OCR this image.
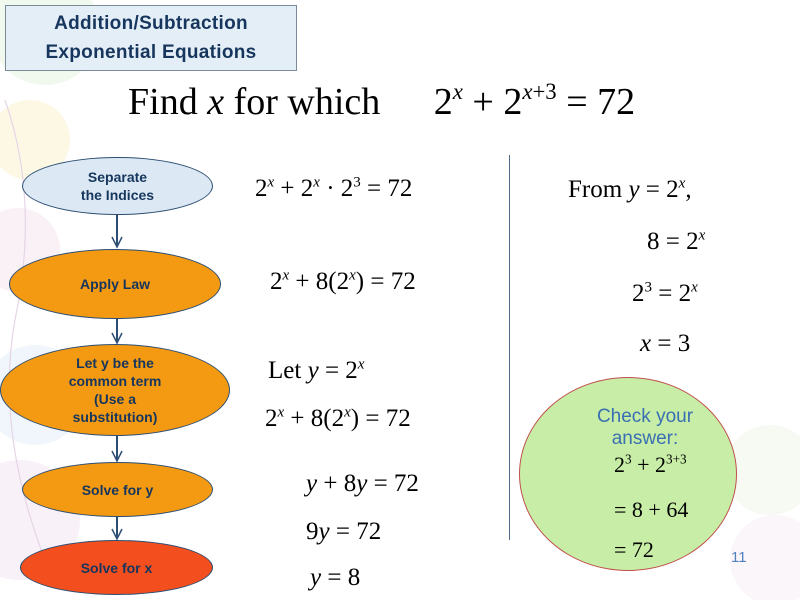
Addition/Subtraction
Exponential Equations
Find x for which $2^x + 2^{x+3} = 72$
Separate
the Indices
Apply Law
Let y be the
common term
(Use a
substitution)
Solve for y
Solve for x
$2^x + 2^x \cdot 2^3 = 72$
$2^x + 8(2^x) = 72$
Let $y = 2^x$
$2^x + 8(2^x) = 72$
y + 8y = 72
9y = 72
y = 8
From $y = 2^x$,
$8 = 2^x$
$2^3 = 2^x$
x = 3
Check your answer:
$2^3 + 2^{3+3}$
= 8 + 64
= 72	11
